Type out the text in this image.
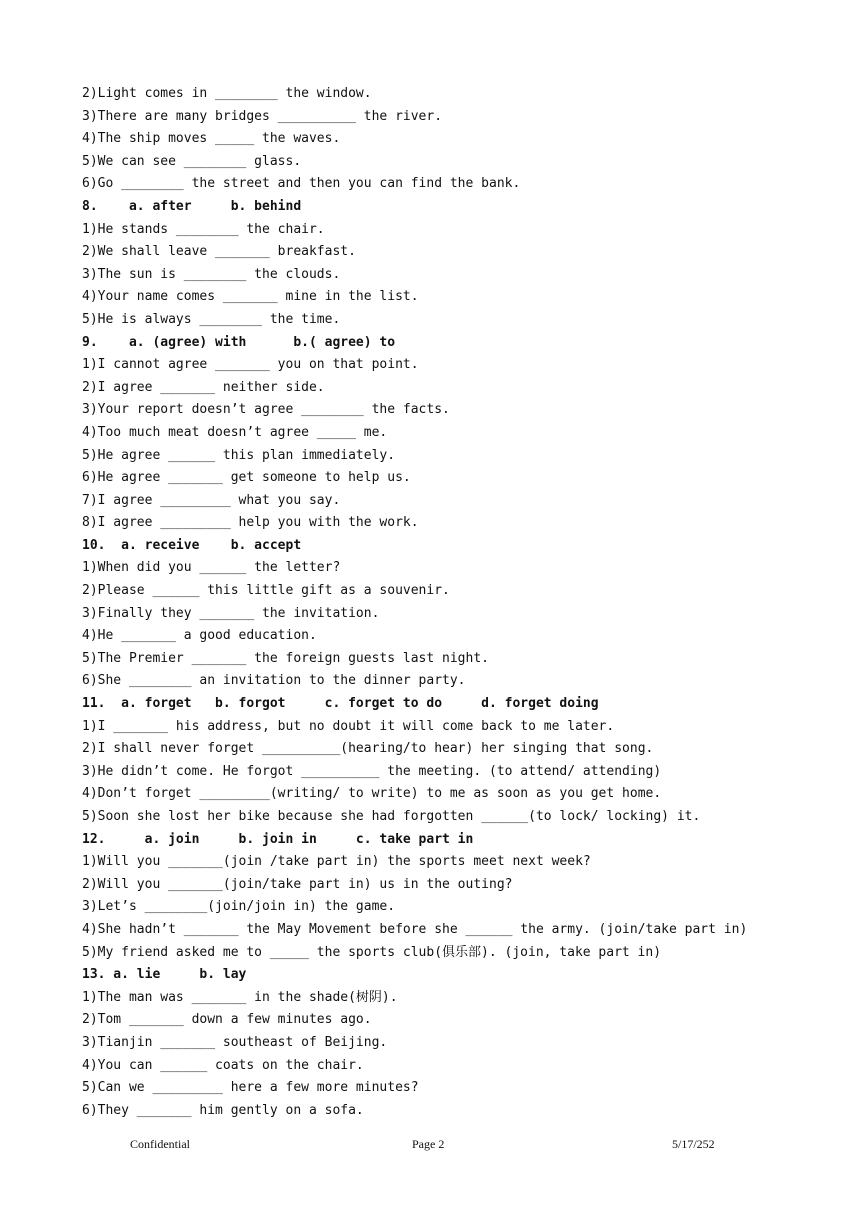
2)Light comes in ________ the window.
3)There are many bridges __________ the river.
4)The ship moves _____ the waves.
5)We can see ________ glass.
6)Go ________ the street and then you can find the bank.
8.    a. after     b. behind
1)He stands ________ the chair.
2)We shall leave _______ breakfast.
3)The sun is ________ the clouds.
4)Your name comes _______ mine in the list.
5)He is always ________ the time.
9.    a. (agree) with      b.( agree) to
1)I cannot agree _______ you on that point.
2)I agree _______ neither side.
3)Your report doesn’t agree ________ the facts.
4)Too much meat doesn’t agree _____ me.
5)He agree ______ this plan immediately.
6)He agree _______ get someone to help us.
7)I agree _________ what you say.
8)I agree _________ help you with the work.
10.  a. receive    b. accept
1)When did you ______ the letter?
2)Please ______ this little gift as a souvenir.
3)Finally they _______ the invitation.
4)He _______ a good education.
5)The Premier _______ the foreign guests last night.
6)She ________ an invitation to the dinner party.
11.  a. forget   b. forgot     c. forget to do     d. forget doing
1)I _______ his address, but no doubt it will come back to me later.
2)I shall never forget __________(hearing/to hear) her singing that song.
3)He didn’t come. He forgot __________ the meeting. (to attend/ attending)
4)Don’t forget _________(writing/ to write) to me as soon as you get home.
5)Soon she lost her bike because she had forgotten ______(to lock/ locking) it.
12.     a. join     b. join in     c. take part in
1)Will you _______(join /take part in) the sports meet next week?
2)Will you _______(join/take part in) us in the outing?
3)Let’s ________(join/join in) the game.
4)She hadn’t _______ the May Movement before she ______ the army. (join/take part in)
5)My friend asked me to _____ the sports club(俱乐部). (join, take part in)
13. a. lie     b. lay
1)The man was _______ in the shade(树阴).
2)Tom _______ down a few minutes ago.
3)Tianjin _______ southeast of Beijing.
4)You can ______ coats on the chair.
5)Can we _________ here a few more minutes?
6)They _______ him gently on a sofa.
Confidential	Page 2	5/17/252
